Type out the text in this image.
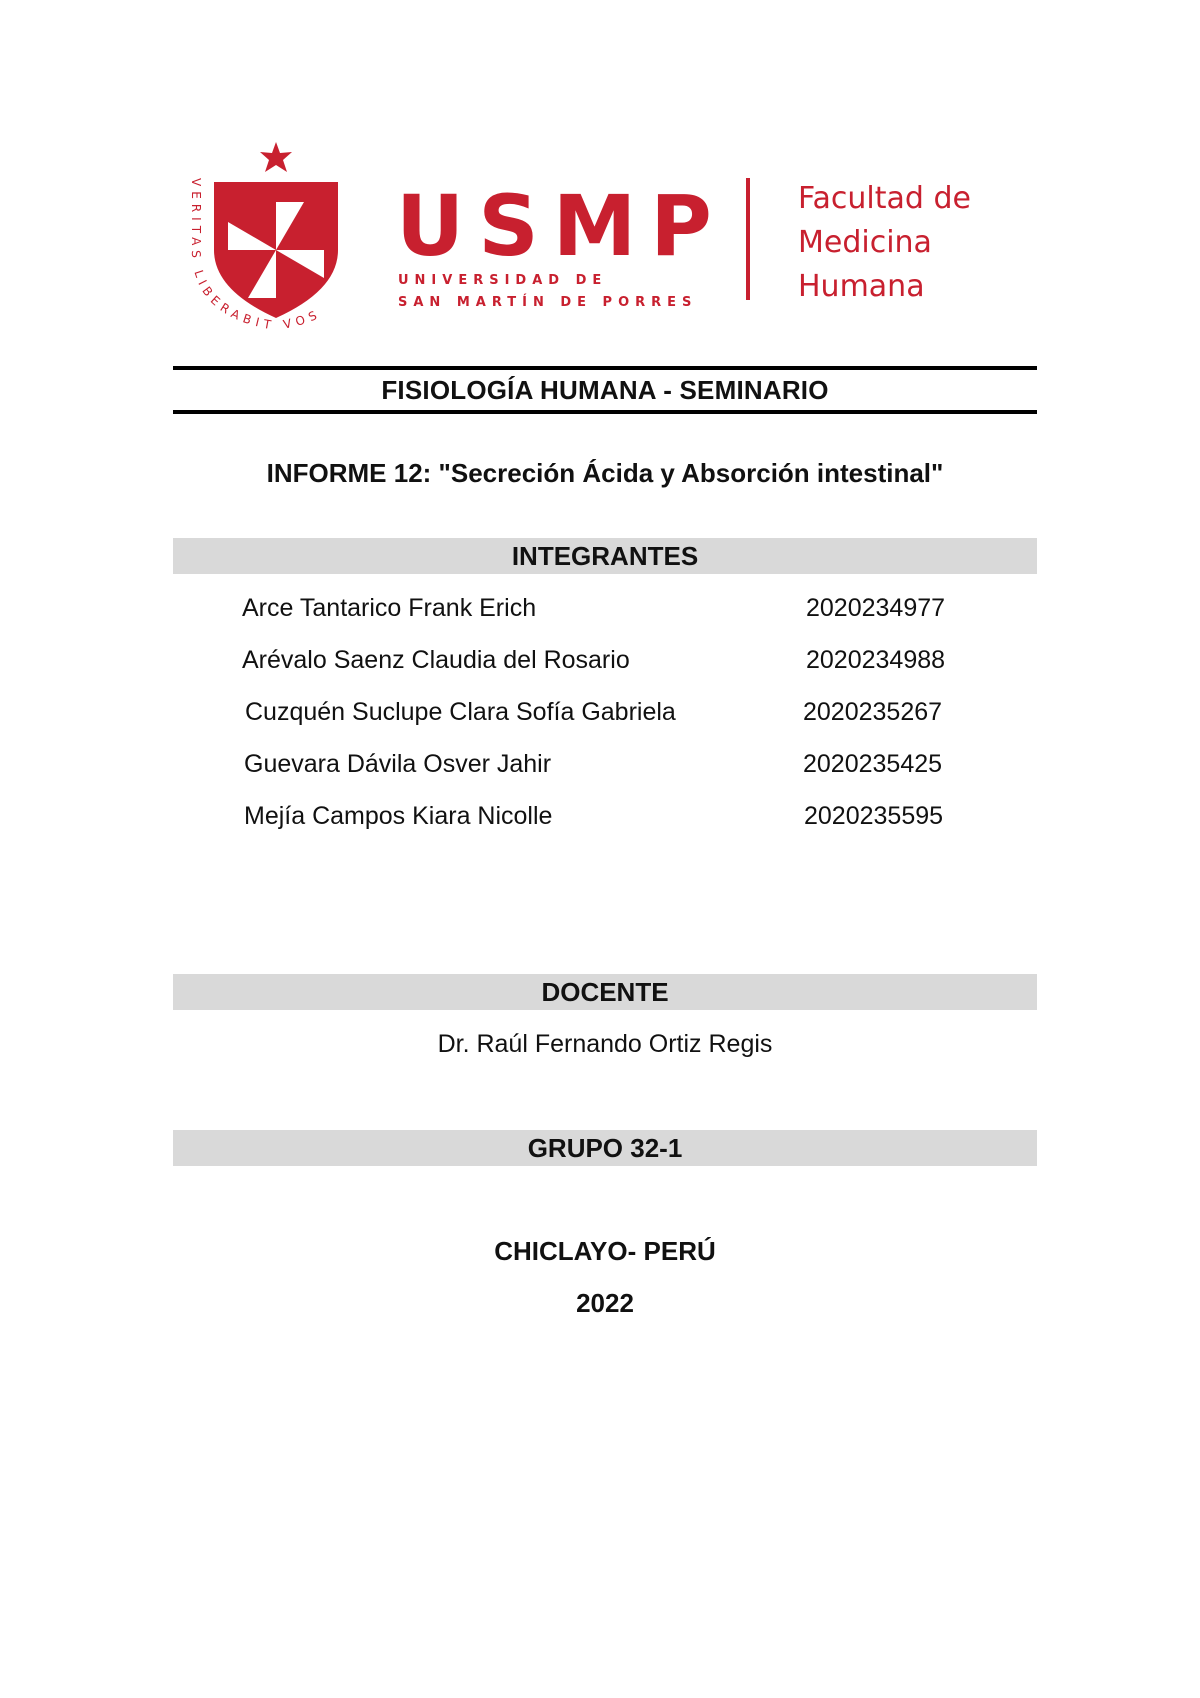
VERITAS LIBERABIT VOS
USMP
UNIVERSIDAD DE
SAN MARTÍN DE PORRES
Facultad de
Medicina
Humana
FISIOLOGÍA HUMANA - SEMINARIO
INFORME 12: "Secreción Ácida y Absorción intestinal"
INTEGRANTES
Arce Tantarico Frank Erich	2020234977
Arévalo Saenz Claudia del Rosario	2020234988
Cuzquén Suclupe Clara Sofía Gabriela	2020235267
Guevara Dávila Osver Jahir	2020235425
Mejía Campos Kiara Nicolle	2020235595
DOCENTE
Dr. Raúl Fernando Ortiz Regis
GRUPO 32-1
CHICLAYO- PERÚ
2022
